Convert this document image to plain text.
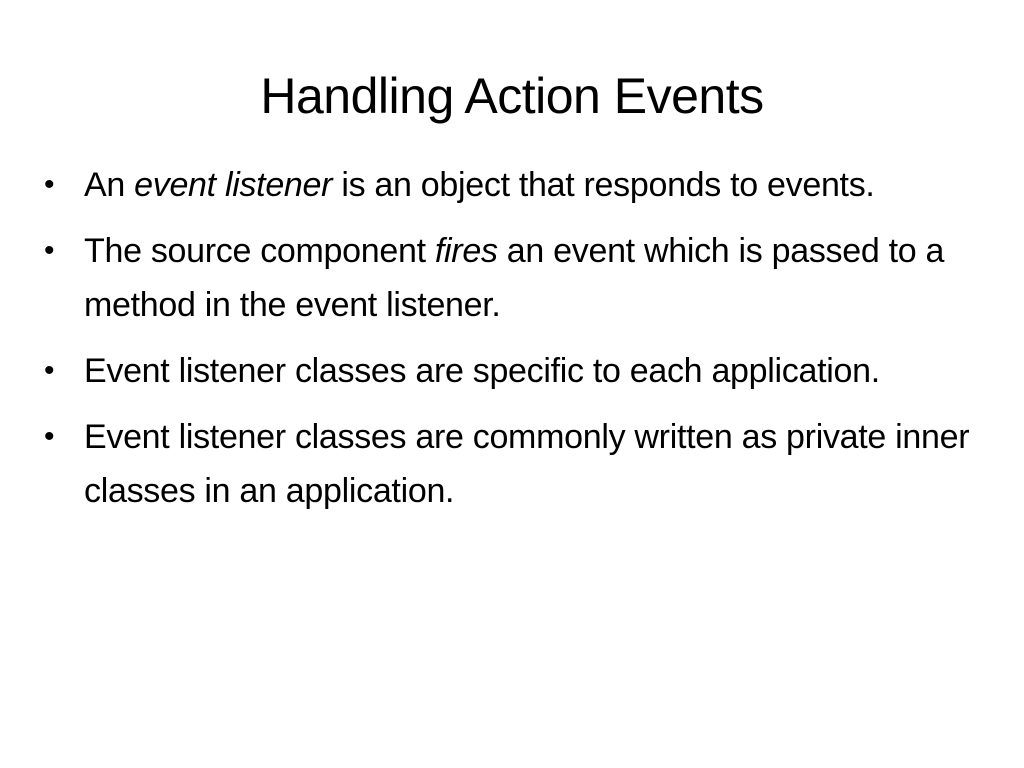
Handling Action Events
• An event listener is an object that responds to events.
• The source component fires an event which is passed to a method in the event listener.
• Event listener classes are specific to each application.
• Event listener classes are commonly written as private inner classes in an application.
